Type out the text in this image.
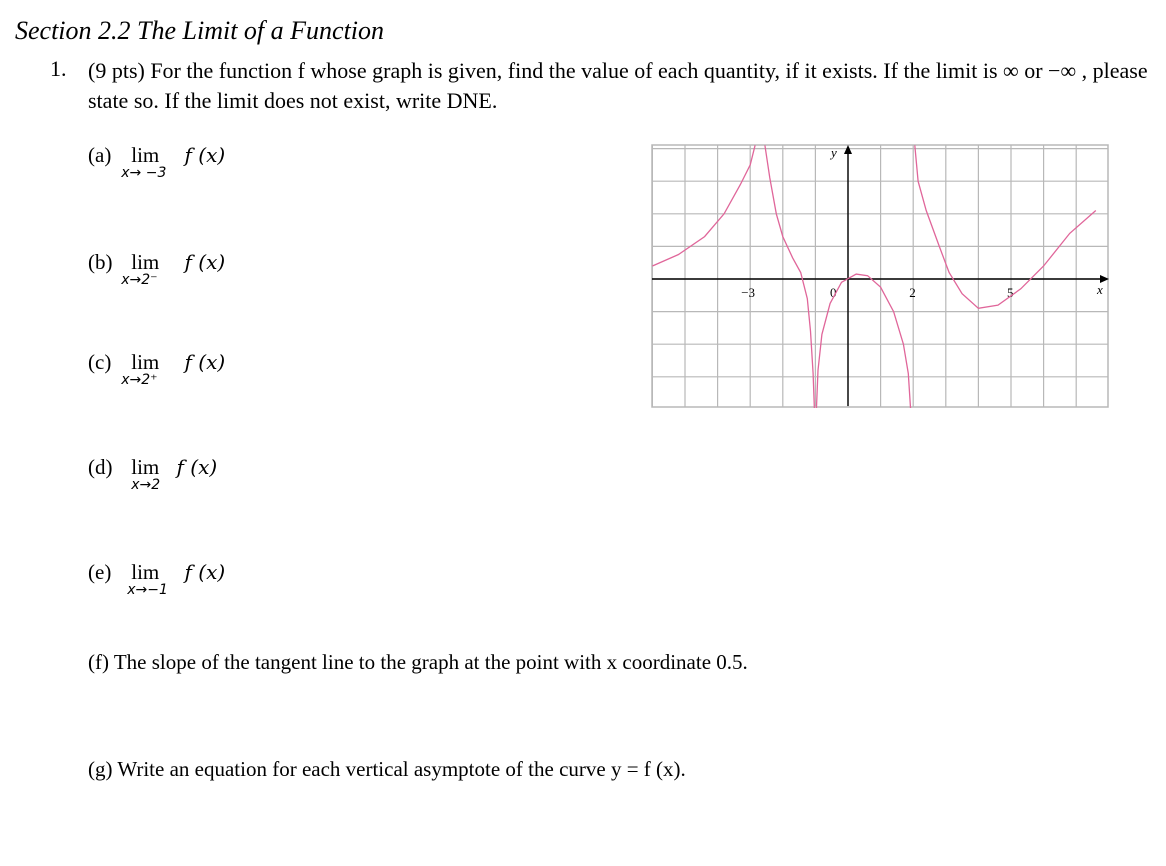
Section 2.2 The Limit of a Function
1. (9 pts) For the function f whose graph is given, find the value of each quantity, if it exists. If the limit is ∞ or −∞ , please state so. If the limit does not exist, write DNE.
(a) lim
x→ −3
f (x)
(b) lim
x→2⁻
f (x)
(c) lim
x→2⁺
f (x)
(d) lim
x→2
f (x)
(e) lim
x→−1
f (x)
(f) The slope of the tangent line to the graph at the point with x coordinate 0.5.
(g) Write an equation for each vertical asymptote of the curve y = f (x).
y
x
−3	0	2	5
